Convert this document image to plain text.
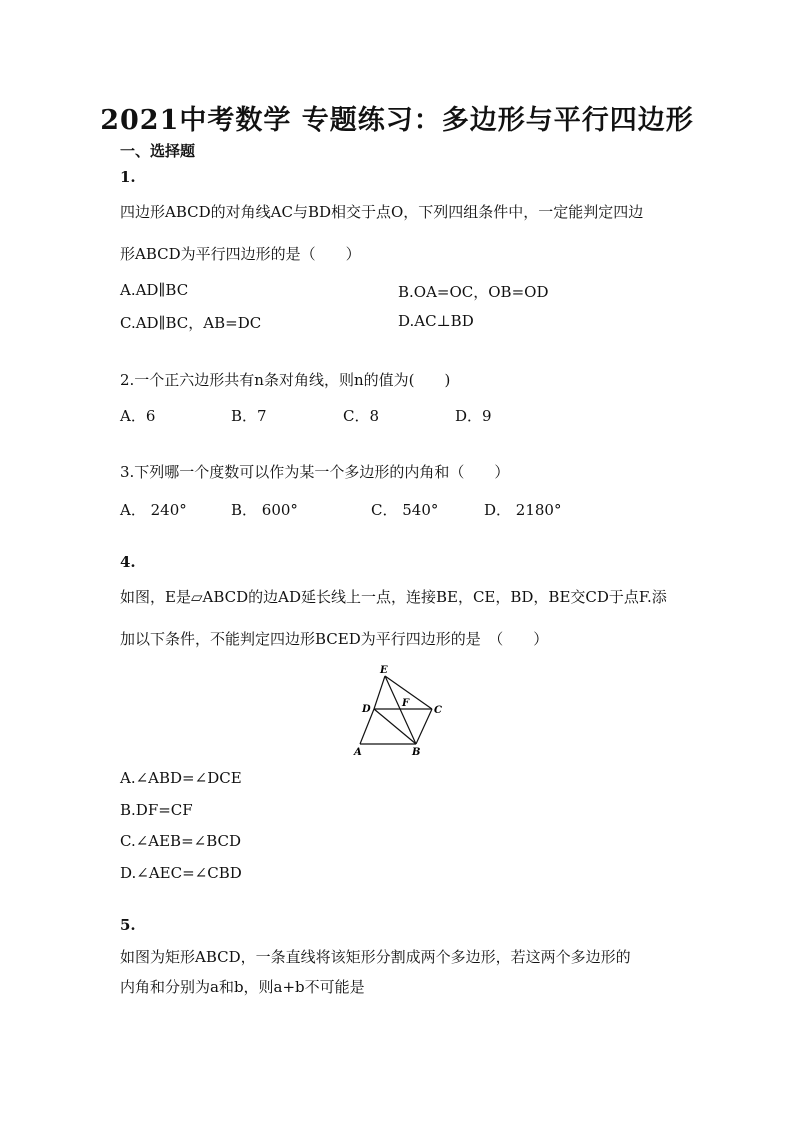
2021中考数学 专题练习：多边形与平行四边形
一、选择题
1.
四边形ABCD的对角线AC与BD相交于点O，下列四组条件中，一定能判定四边
形ABCD为平行四边形的是（　　）
A.AD∥BC	B.OA=OC，OB=OD
C.AD∥BC，AB=DC	D.AC⊥BD
2.一个正六边形共有n条对角线，则n的值为(　　)
A．6	B．7	C．8	D．9
3.下列哪一个度数可以作为某一个多边形的内角和（　　）
A． 240°	B． 600°	C． 540°	D． 2180°
4.
如图，E是▱ABCD的边AD延长线上一点，连接BE，CE，BD，BE交CD于点F.添
加以下条件，不能判定四边形BCED为平行四边形的是　（　　）
E
D
F
C
A	B
A.∠ABD=∠DCE
B.DF=CF
C.∠AEB=∠BCD
D.∠AEC=∠CBD
5.
如图为矩形ABCD，一条直线将该矩形分割成两个多边形，若这两个多边形的
内角和分别为a和b，则a+b不可能是
